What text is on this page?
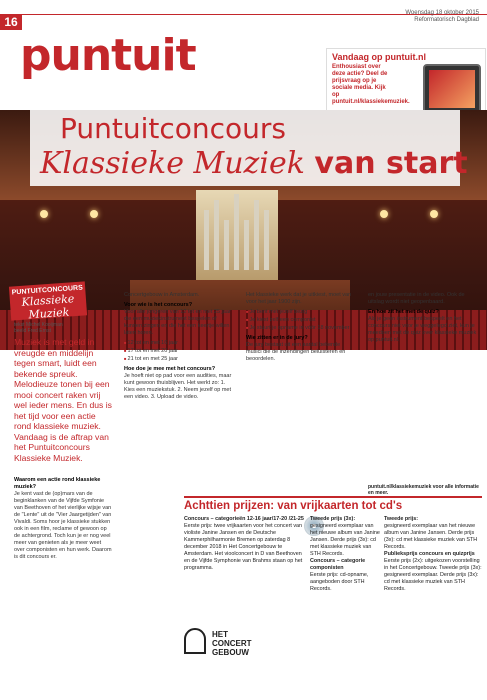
16
Woensdag 18 oktober 2015
Reformatorisch Dagblad
puntuit	Vandaag op puntuit.nl

Enthousiast over deze actie? Deel de prijsvraag op je sociale media. Kijk op puntuit.nl/klassiekemuziek.

Puntuitconcours
Klassieke Muziek van start
PUNTUITCONCOURS
Klassieke Muziek
tekst Michel Kooijman
beeld Fred Ernst
Muziek is met geld in vreugde en middelijn tegen smart, luidt een bekende spreuk. Melodieuze tonen bij een mooi concert raken vrij wel ieder mens. En dus is het tijd voor een actie rond klassieke muziek. Vandaag is de aftrap van het Puntuitconcours Klassieke Muziek.
Waarom een actie rond klassieke muziek?

Je kent vast de (op)mars van de beginklanken van de Vijfde Symfonie van Beethoven of het vierlijke wijsje van de "Lente" uit de "Vier Jaargetijden" van Vivaldi. Soms hoor je klassieke stukken ook in een film, reclame of gewoon op de achtergrond. Toch kun je er nog veel meer van genieten als je meer weet over componisten en hun werk. Daarom is dit concours er.

Concertgebouw in Amsterdam.

Voor wie is het concours?

Voor alle jongeren van 12 tot en met 25 jaar die een muziekinstrument bespelen of kunnen zingen en die het een keertje willen laten horen.

■ 12 tot en met 16 jaar
■ 17 tot en met 20 jaar
■ 21 tot en met 25 jaar
Hoe doe je mee met het concours?

Je hoeft niet op pad voor een audities, maar kunt gewoon thuisblijven. Het werkt zo: 1. Kies een muziekstuk. 2. Neem jezelf op met een video. 3. Upload de video.

Het klassieke werk dat je uitkiest, moet van voor het jaar 1900 zijn.

■ Je bent met jezelf bezig
■ Je kiest zelf een componist
■ Je stuurt je opname in vóór 18 november
Wie zitten er in de jury?

De jury bestaat uit een aantal bekende musici die de inzendingen beluisteren en beoordelen.

en jouw presentatie in de video. Ook de uitslag wordt niet geopenbaard.

En hoe zit het met de quiz?

Als je geen instrument bespeelt en het concours niet voor je weggelegd ziet, kun je meedoen met de quiz over klassieke muziek op puntuit.nl.

puntuit.nl/klassiekemuziek voor alle informatie en meer.
Achttien prijzen: van vrijkaarten tot cd's
Concours – categorieën 12-16 jaar/17-20 /21-25

Eerste prijs: twee vrijkaarten voor het concert van violiste Janine Jansen en de Deutsche Kammerphilharmonie Bremen op zaterdag 8 december 2018 in Het Concertgebouw te Amsterdam. Het vioolconcert in D van Beethoven en de Vijfde Symphonie van Brahms staan op het programma.

HET
CONCERT
GEBOUW
Tweede prijs (3x):

gesigneerd exemplaar van het nieuwe album van Janine Jansen. Derde prijs (3x): cd met klassieke muziek van STH Records.

Concours – categorie componisten

Eerste prijs: cd-opname, aangeboden door STH Records.

Tweede prijs:

gesigneerd exemplaar van het nieuwe album van Janine Jansen. Derde prijs (3x): cd met klassieke muziek van STH Records.

Publieksprijs concours en quizprijs

Eerste prijs (2x): uitgekozen voorstelling in het Concertgebouw. Tweede prijs (3x): gesigneerd exemplaar. Derde prijs (3x): cd met klassieke muziek van STH Records.
